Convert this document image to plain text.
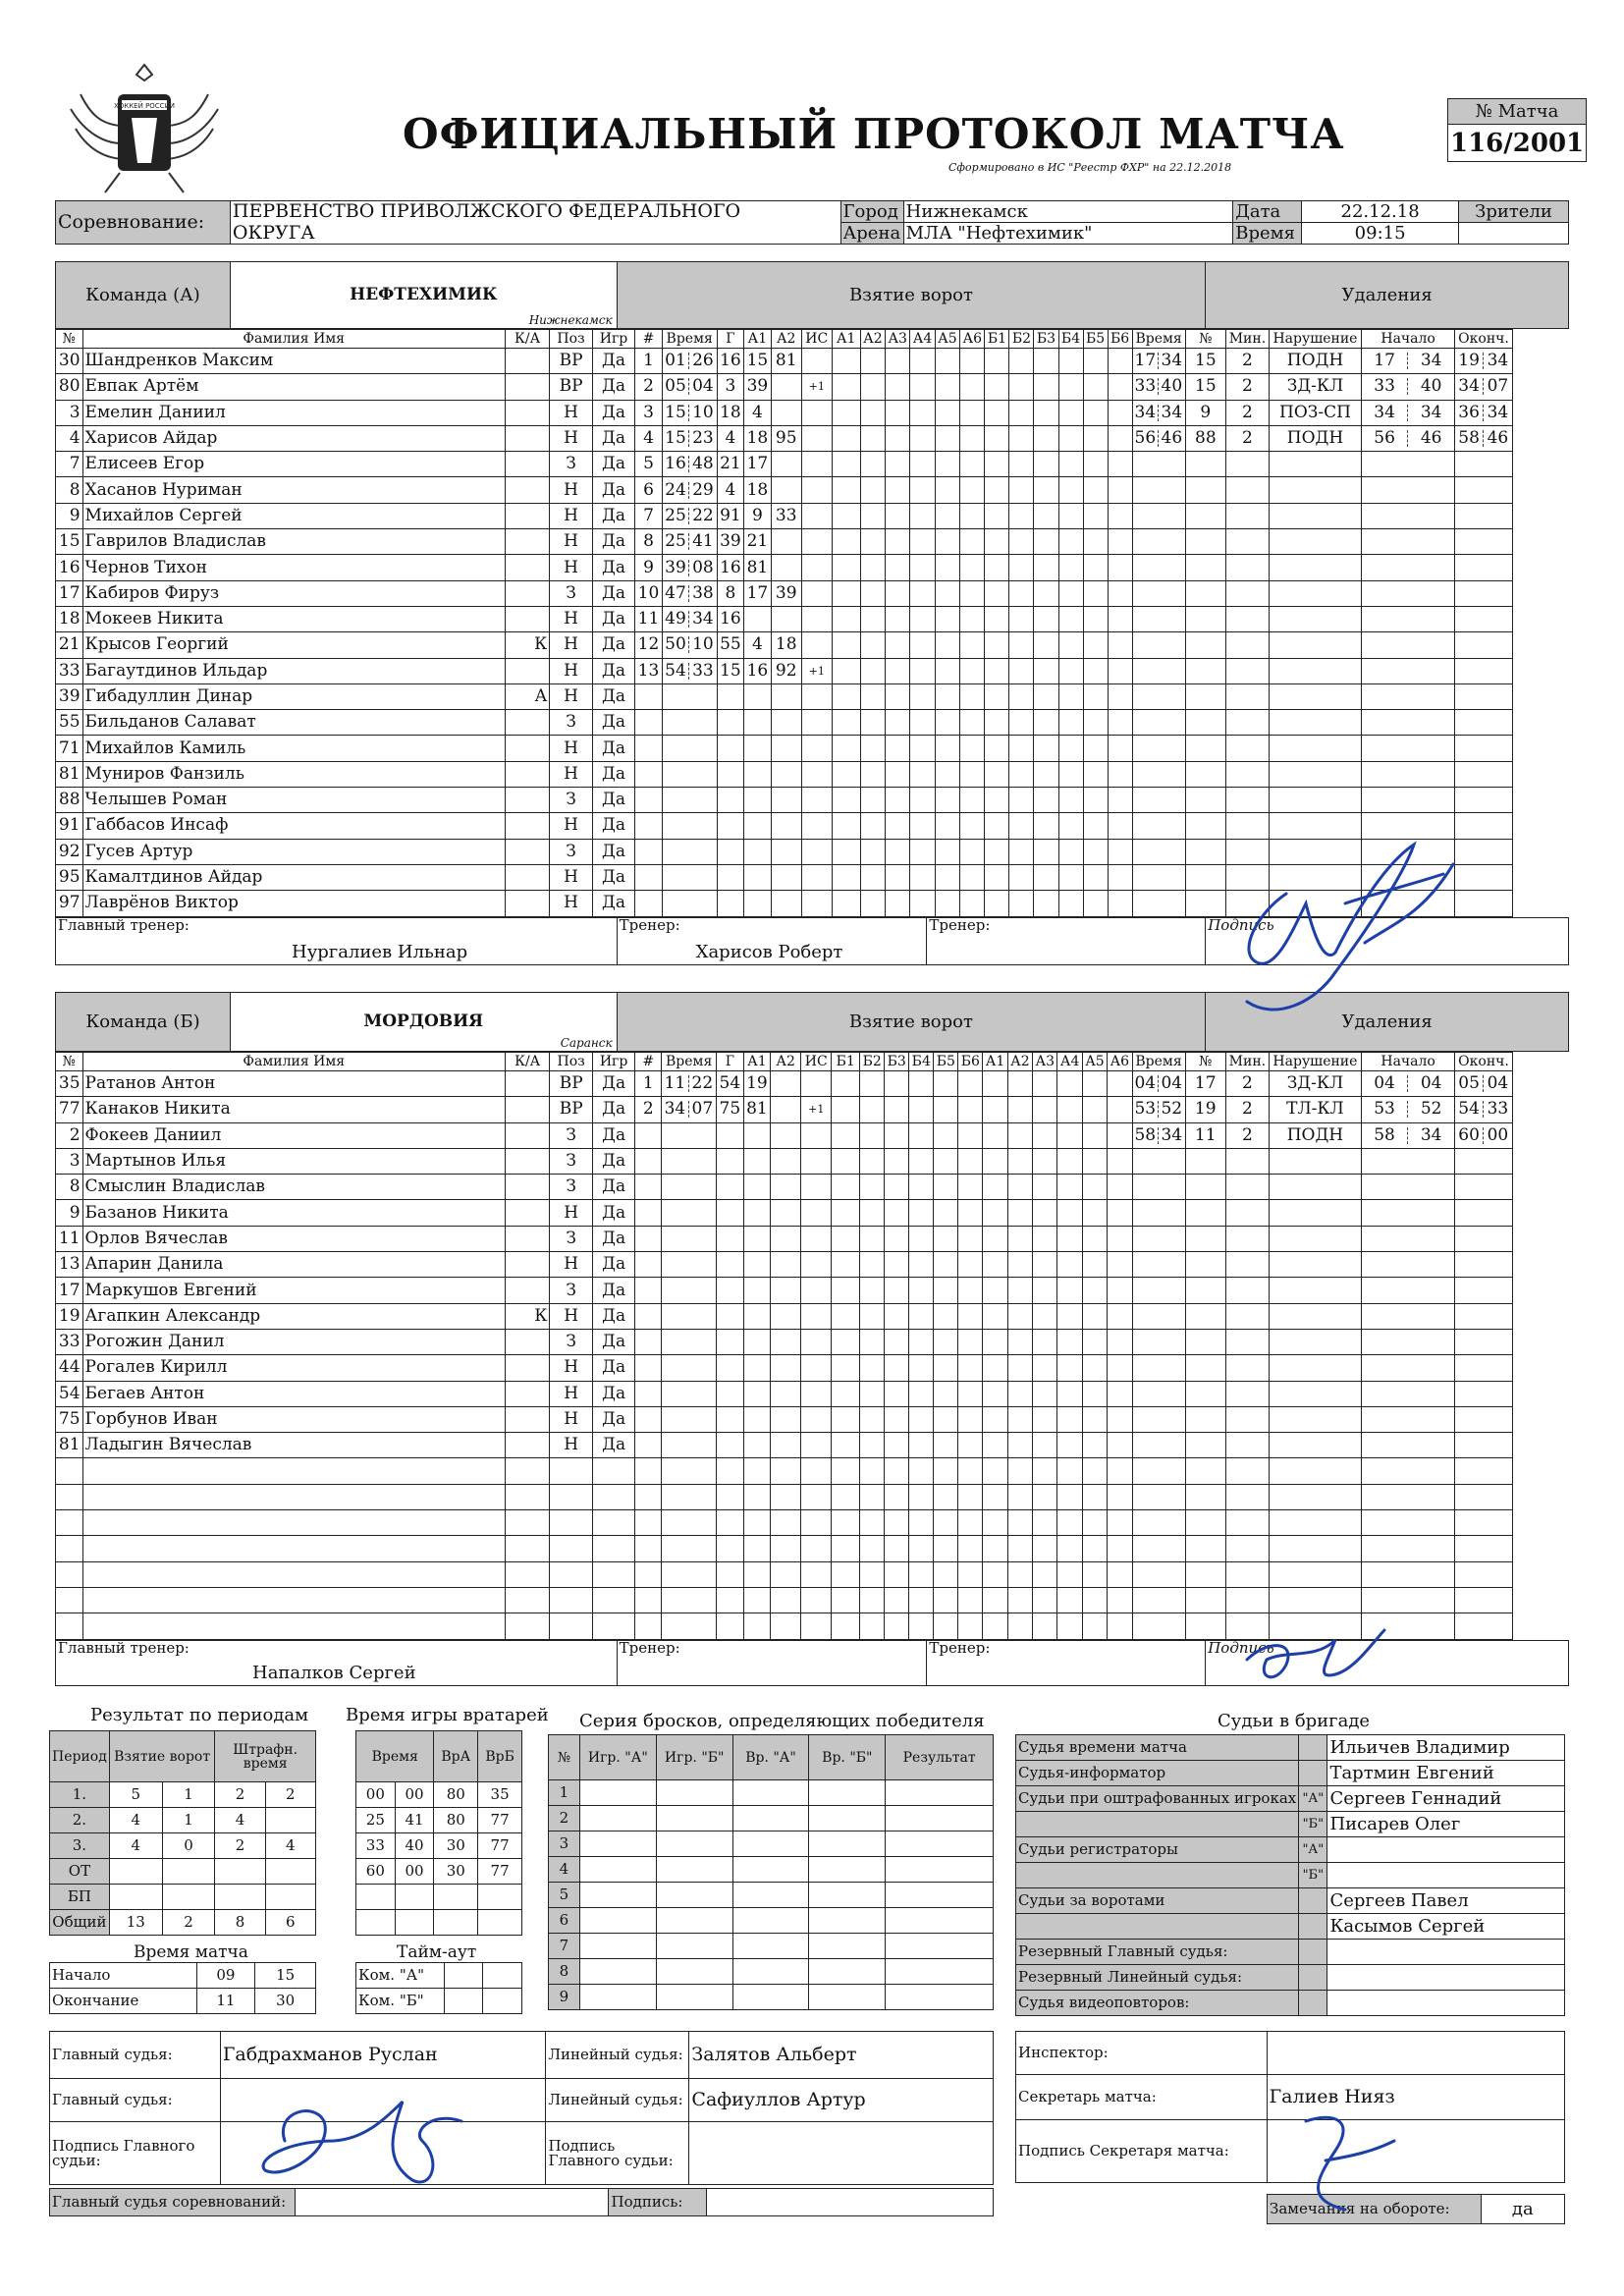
ХОККЕЙ РОССИИ
ОФИЦИАЛЬНЫЙ ПРОТОКОЛ МАТЧА
Сформировано в ИС "Реестр ФХР" на 22.12.2018
№ Матча
116/2001
Соревнование:	ПЕРВЕНСТВО ПРИВОЛЖСКОГО ФЕДЕРАЛЬНОГО	Город	Нижнекамск	Дата	22.12.18	Зрители
	ОКРУГА	Арена	МЛА "Нефтехимик"	Время	09:15	
Команда (А)	НЕФТЕХИМИК
Нижнекамск
	Взятие ворот	Удаления
№	Фамилия Имя	К/А	Поз	Игр	#	Время	Г	А1	А2	ИС	А1	А2	А3	А4	А5	А6	Б1	Б2	Б3	Б4	Б5	Б6	Время	№	Мин.	Нарушение	Начало	Оконч.
30	Шандренков Максим		ВР	Да	1	01 26	16	15	81														17 34	15	2	ПОДН	17 34	19 34
80	Евпак Артём		ВР	Да	2	05 04	3	39		+1													33 40	15	2	ЗД-КЛ	33 40	34 07
3	Емелин Даниил		Н	Да	3	15 10	18	4															34 34	9	2	ПОЗ-СП	34 34	36 34
4	Харисов Айдар		Н	Да	4	15 23	4	18	95														56 46	88	2	ПОДН	56 46	58 46
7	Елисеев Егор		З	Да	5	16 48	21	17																				
8	Хасанов Нуриман		Н	Да	6	24 29	4	18																				
9	Михайлов Сергей		Н	Да	7	25 22	91	9	33																			
15	Гаврилов Владислав		Н	Да	8	25 41	39	21																				
16	Чернов Тихон		Н	Да	9	39 08	16	81																				
17	Кабиров Фируз		З	Да	10	47 38	8	17	39																			
18	Мокеев Никита		Н	Да	11	49 34	16																					
21	Крысов Георгий	К	Н	Да	12	50 10	55	4	18																			
33	Багаутдинов Ильдар		Н	Да	13	54 33	15	16	92	+1																		
39	Гибадуллин Динар	А	Н	Да																								
55	Бильданов Салават		З	Да																								
71	Михайлов Камиль		Н	Да																								
81	Муниров Фанзиль		Н	Да																								
88	Челышев Роман		З	Да																								
91	Габбасов Инсаф		Н	Да																								
92	Гусев Артур		З	Да																								
95	Камалтдинов Айдар		Н	Да																								
97	Лаврёнов Виктор		Н	Да																								
Главный тренер:
Нургалиев Ильнар

Тренер:
Харисов Роберт

Тренер:	Подпись
Команда (Б)	МОРДОВИЯ
Саранск
	Взятие ворот	Удаления
№	Фамилия Имя	К/А	Поз	Игр	#	Время	Г	А1	А2	ИС	Б1	Б2	Б3	Б4	Б5	Б6	А1	А2	А3	А4	А5	А6	Время	№	Мин.	Нарушение	Начало	Оконч.
35	Ратанов Антон		ВР	Да	1	11 22	54	19															04 04	17	2	ЗД-КЛ	04 04	05 04
77	Канаков Никита		ВР	Да	2	34 07	75	81		+1													53 52	19	2	ТЛ-КЛ	53 52	54 33
2	Фокеев Даниил		З	Да																			58 34	11	2	ПОДН	58 34	60 00
3	Мартынов Илья		З	Да																								
8	Смыслин Владислав		З	Да																								
9	Базанов Никита		Н	Да																								
11	Орлов Вячеслав		З	Да																								
13	Апарин Данила		Н	Да																								
17	Маркушов Евгений		З	Да																								
19	Агапкин Александр	К	Н	Да																								
33	Рогожин Данил		З	Да																								
44	Рогалев Кирилл		Н	Да																								
54	Бегаев Антон		Н	Да																								
75	Горбунов Иван		Н	Да																								
81	Ладыгин Вячеслав		Н	Да																								

Главный тренер:
Напалков Сергей

Тренер:	Тренер:	Подпись
Результат по периодам
Период	Взятие ворот		Штрафн. время	
1.	5	1	2	2
2.	4	1	4	
3.	4	0	2	4
ОТ				
БП				
Общий	13	2	8	6
Время игры вратарей
Время		ВрА	ВрБ
00	00	80	35
25	41	80	77
33	40	30	77
60	00	30	77

Серия бросков, определяющих победителя
№	Игр. "А"	Игр. "Б"	Вр. "А"	Вр. "Б"	Результат
1					
2					
3					
4					
5					
6					
7					
8					
9					
Судьи в бригаде
Судья времени матча		Ильичев Владимир
Судья-информатор		Тартмин Евгений
Судьи при оштрафованных игроках	"А"	Сергеев Геннадий
	"Б"	Писарев Олег
Судьи регистраторы	"А"	
	"Б"	
Судьи за воротами		Сергеев Павел
		Касымов Сергей
Резервный Главный судья:		
Резервный Линейный судья:		
Судья видеоповторов:		
Время матча
Начало	09	15
Окончание	11	30
Тайм-аут
Ком. "А"		
Ком. "Б"		
Главный судья:	Габдрахманов Руслан	Линейный судья:	Залятов Альберт
Главный судья:		Линейный судья:	Сафиуллов Артур
Подпись Главного судьи:		Подпись Главного судьи:	
Инспектор:	
Секретарь матча:	Галиев Нияз
Подпись Секретаря матча:	
Главный судья соревнований:		Подпись:		Замечания на обороте:	да
